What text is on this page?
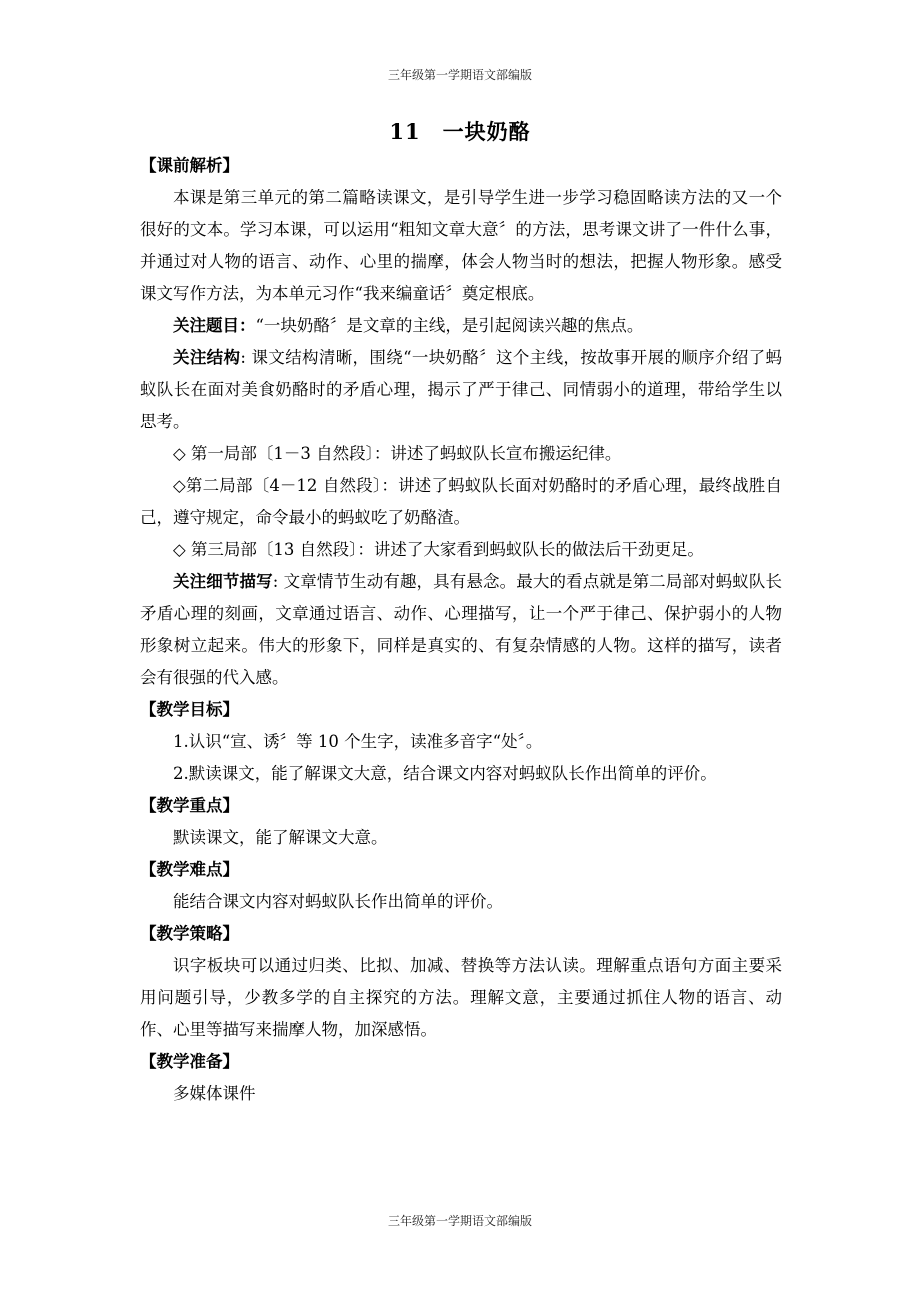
三年级第一学期语文部编版
11　一块奶酪

【课前解析】

本课是第三单元的第二篇略读课文，是引导学生进一步学习稳固略读方法的又一个很好的文本。学习本课，可以运用“粗知文章大意〞的方法，思考课文讲了一件什么事，并通过对人物的语言、动作、心里的揣摩，体会人物当时的想法，把握人物形象。感受课文写作方法，为本单元习作“我来编童话〞奠定根底。

关注题目：“一块奶酪〞是文章的主线，是引起阅读兴趣的焦点。

关注结构: 课文结构清晰，围绕“一块奶酪〞这个主线，按故事开展的顺序介绍了蚂蚁队长在面对美食奶酪时的矛盾心理，揭示了严于律己、同情弱小的道理，带给学生以思考。

◇ 第一局部〔1－3 自然段〕：讲述了蚂蚁队长宣布搬运纪律。

◇第二局部〔4－12 自然段〕：讲述了蚂蚁队长面对奶酪时的矛盾心理，最终战胜自己，遵守规定，命令最小的蚂蚁吃了奶酪渣。

◇ 第三局部〔13 自然段〕：讲述了大家看到蚂蚁队长的做法后干劲更足。

关注细节描写: 文章情节生动有趣，具有悬念。最大的看点就是第二局部对蚂蚁队长矛盾心理的刻画，文章通过语言、动作、心理描写，让一个严于律己、保护弱小的人物形象树立起来。伟大的形象下，同样是真实的、有复杂情感的人物。这样的描写，读者会有很强的代入感。

【教学目标】

1.认识“宣、诱〞等 10 个生字，读准多音字“处〞。

2.默读课文，能了解课文大意，结合课文内容对蚂蚁队长作出简单的评价。

【教学重点】

默读课文，能了解课文大意。

【教学难点】

能结合课文内容对蚂蚁队长作出简单的评价。

【教学策略】

识字板块可以通过归类、比拟、加减、替换等方法认读。理解重点语句方面主要采用问题引导，少教多学的自主探究的方法。理解文意，主要通过抓住人物的语言、动作、心里等描写来揣摩人物，加深感悟。

【教学准备】

多媒体课件

三年级第一学期语文部编版
